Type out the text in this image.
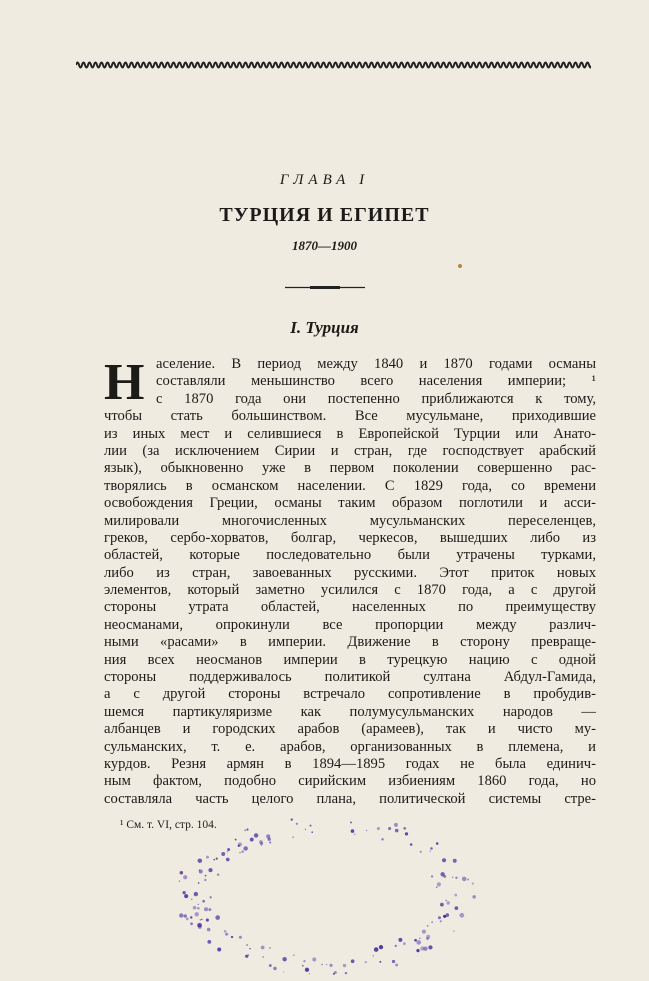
ГЛАВА I
ТУРЦИЯ И ЕГИПЕТ
1870—1900
I. Турция
Н аселение. В период между 1840 и 1870 годами османы
составляли меньшинство всего населения империи; ¹
с 1870 года они постепенно приближаются к тому,
чтобы стать большинством. Все мусульмане, приходившие
из иных мест и селившиеся в Европейской Турции или Анато-
лии (за исключением Сирии и стран, где господствует арабский
язык), обыкновенно уже в первом поколении совершенно рас-
творялись в османском населении. С 1829 года, со времени
освобождения Греции, османы таким образом поглотили и асси-
милировали многочисленных мусульманских переселенцев,
греков, сербо-хорватов, болгар, черкесов, вышедших либо из
областей, которые последовательно были утрачены турками,
либо из стран, завоеванных русскими. Этот приток новых
элементов, который заметно усилился с 1870 года, а с другой
стороны утрата областей, населенных по преимуществу
неосманами, опрокинули все пропорции между различ-
ными «расами» в империи. Движение в сторону превраще-
ния всех неосманов империи в турецкую нацию с одной
стороны поддерживалось политикой султана Абдул-Гамида,
а с другой стороны встречало сопротивление в пробудив-
шемся партикуляризме как полумусульманских народов —
албанцев и городских арабов (арамеев), так и чисто му-
сульманских, т. е. арабов, организованных в племена, и
курдов. Резня армян в 1894—1895 годах не была единич-
ным фактом, подобно сирийским избиениям 1860 года, но
составляла часть целого плана, политической системы стре-
¹ См. т. VI, стр. 104.
